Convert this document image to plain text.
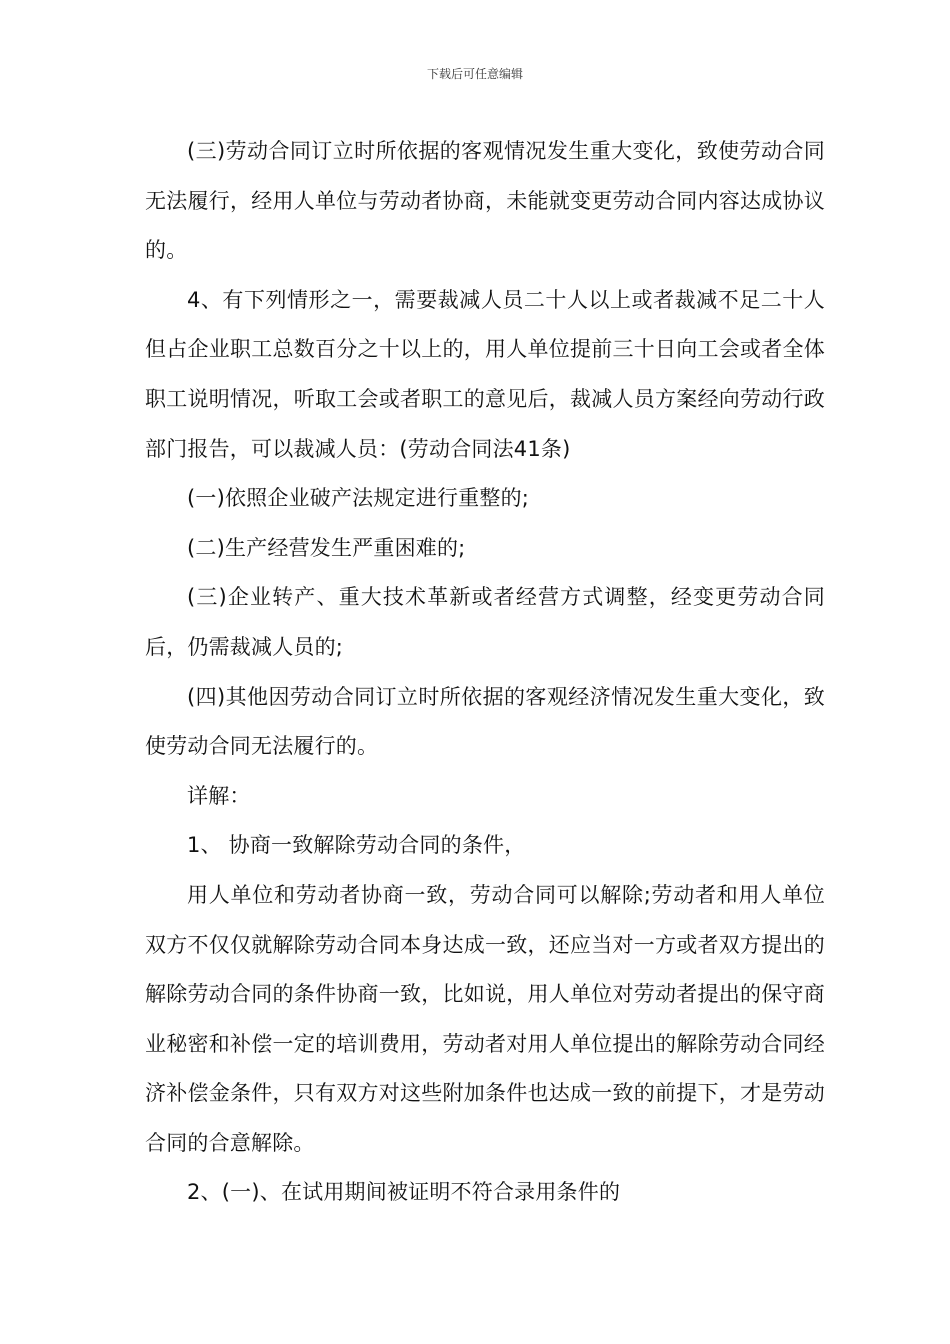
下载后可任意编辑

(三)劳动合同订立时所依据的客观情况发生重大变化，致使劳动合同无法履行，经用人单位与劳动者协商，未能就变更劳动合同内容达成协议的。

4、有下列情形之一，需要裁减人员二十人以上或者裁减不足二十人但占企业职工总数百分之十以上的，用人单位提前三十日向工会或者全体职工说明情况，听取工会或者职工的意见后，裁减人员方案经向劳动行政部门报告，可以裁减人员：(劳动合同法41条)

(一)依照企业破产法规定进行重整的;

(二)生产经营发生严重困难的;

(三)企业转产、重大技术革新或者经营方式调整，经变更劳动合同后，仍需裁减人员的;

(四)其他因劳动合同订立时所依据的客观经济情况发生重大变化，致使劳动合同无法履行的。

详解：

1、 协商一致解除劳动合同的条件，

用人单位和劳动者协商一致，劳动合同可以解除;劳动者和用人单位双方不仅仅就解除劳动合同本身达成一致，还应当对一方或者双方提出的解除劳动合同的条件协商一致，比如说，用人单位对劳动者提出的保守商业秘密和补偿一定的培训费用，劳动者对用人单位提出的解除劳动合同经济补偿金条件，只有双方对这些附加条件也达成一致的前提下，才是劳动合同的合意解除。

2、(一)、在试用期间被证明不符合录用条件的
